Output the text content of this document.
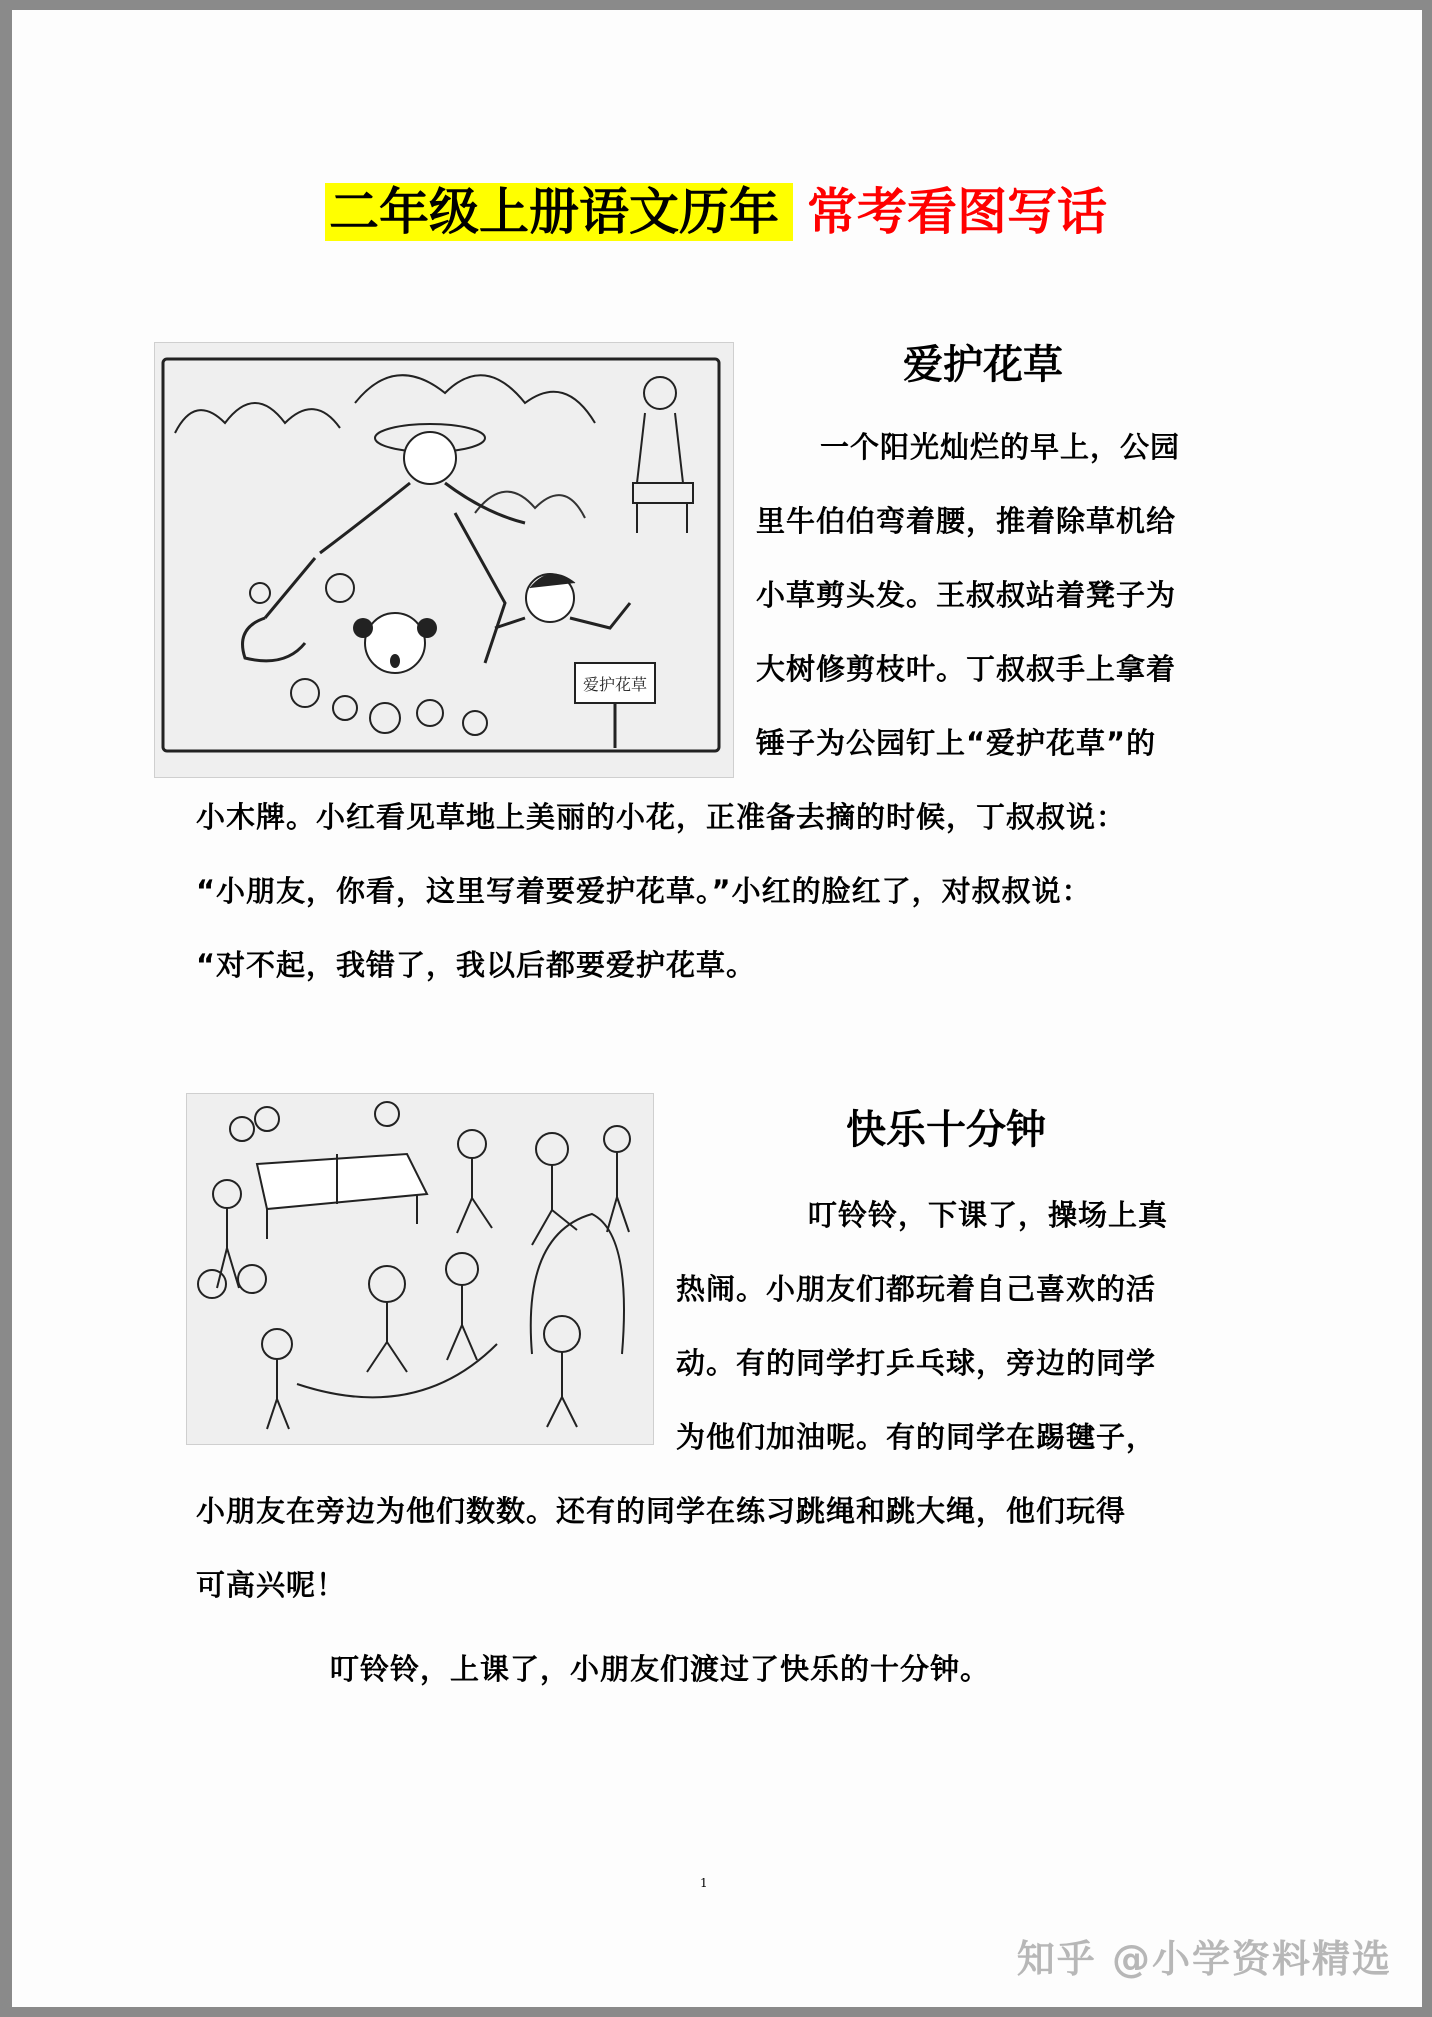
二年级上册语文历年 常考看图写话
爱护花草
爱护花草
一个阳光灿烂的早上，公园
里牛伯伯弯着腰，推着除草机给
小草剪头发。王叔叔站着凳子为
大树修剪枝叶。丁叔叔手上拿着
锤子为公园钉上“爱护花草”的
小木牌。小红看见草地上美丽的小花，正准备去摘的时候，丁叔叔说：
“小朋友，你看，这里写着要爱护花草。”小红的脸红了，对叔叔说：
“对不起，我错了，我以后都要爱护花草。
快乐十分钟
叮铃铃，下课了，操场上真
热闹。小朋友们都玩着自己喜欢的活
动。有的同学打乒乓球，旁边的同学
为他们加油呢。有的同学在踢毽子，
小朋友在旁边为他们数数。还有的同学在练习跳绳和跳大绳，他们玩得
可高兴呢！
叮铃铃，上课了，小朋友们渡过了快乐的十分钟。
1
知乎 @小学资料精选
